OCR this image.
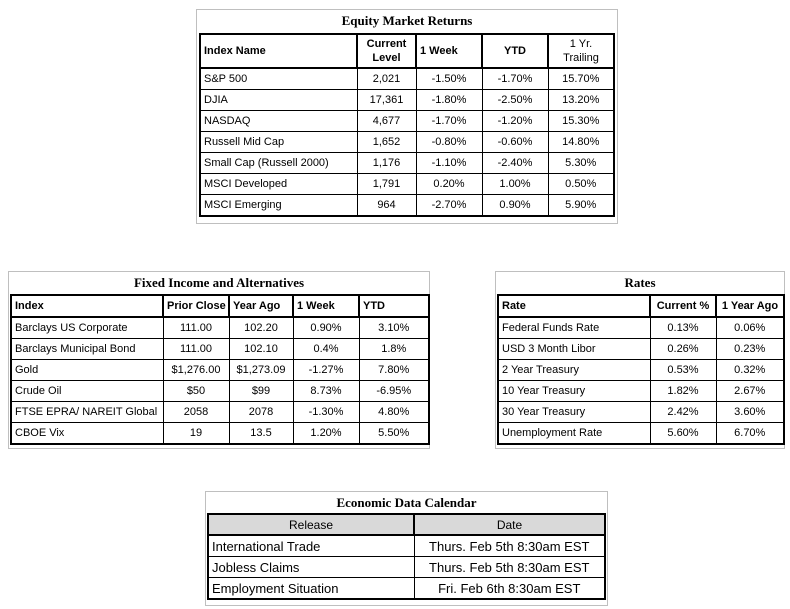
Equity Market Returns
Index Name	Current Level	1 Week	YTD	1 Yr. Trailing
S&P 500	2,021	-1.50%	-1.70%	15.70%
DJIA	17,361	-1.80%	-2.50%	13.20%
NASDAQ	4,677	-1.70%	-1.20%	15.30%
Russell Mid Cap	1,652	-0.80%	-0.60%	14.80%
Small Cap (Russell 2000)	1,176	-1.10%	-2.40%	5.30%
MSCI Developed	1,791	0.20%	1.00%	0.50%
MSCI Emerging	964	-2.70%	0.90%	5.90%
Fixed Income and Alternatives
Index	Prior Close	Year Ago	1 Week	YTD
Barclays US Corporate	111.00	102.20	0.90%	3.10%
Barclays Municipal Bond	111.00	102.10	0.4%	1.8%
Gold	$1,276.00	$1,273.09	-1.27%	7.80%
Crude Oil	$50	$99	8.73%	-6.95%
FTSE EPRA/ NAREIT Global	2058	2078	-1.30%	4.80%
CBOE Vix	19	13.5	1.20%	5.50%
Rates
Rate	Current %	1 Year Ago
Federal Funds Rate	0.13%	0.06%
USD 3 Month Libor	0.26%	0.23%
2 Year Treasury	0.53%	0.32%
10 Year Treasury	1.82%	2.67%
30 Year Treasury	2.42%	3.60%
Unemployment Rate	5.60%	6.70%
Economic Data Calendar
Release	Date
International Trade	Thurs. Feb 5th 8:30am EST
Jobless Claims	Thurs. Feb 5th 8:30am EST
Employment Situation	Fri. Feb 6th 8:30am EST
